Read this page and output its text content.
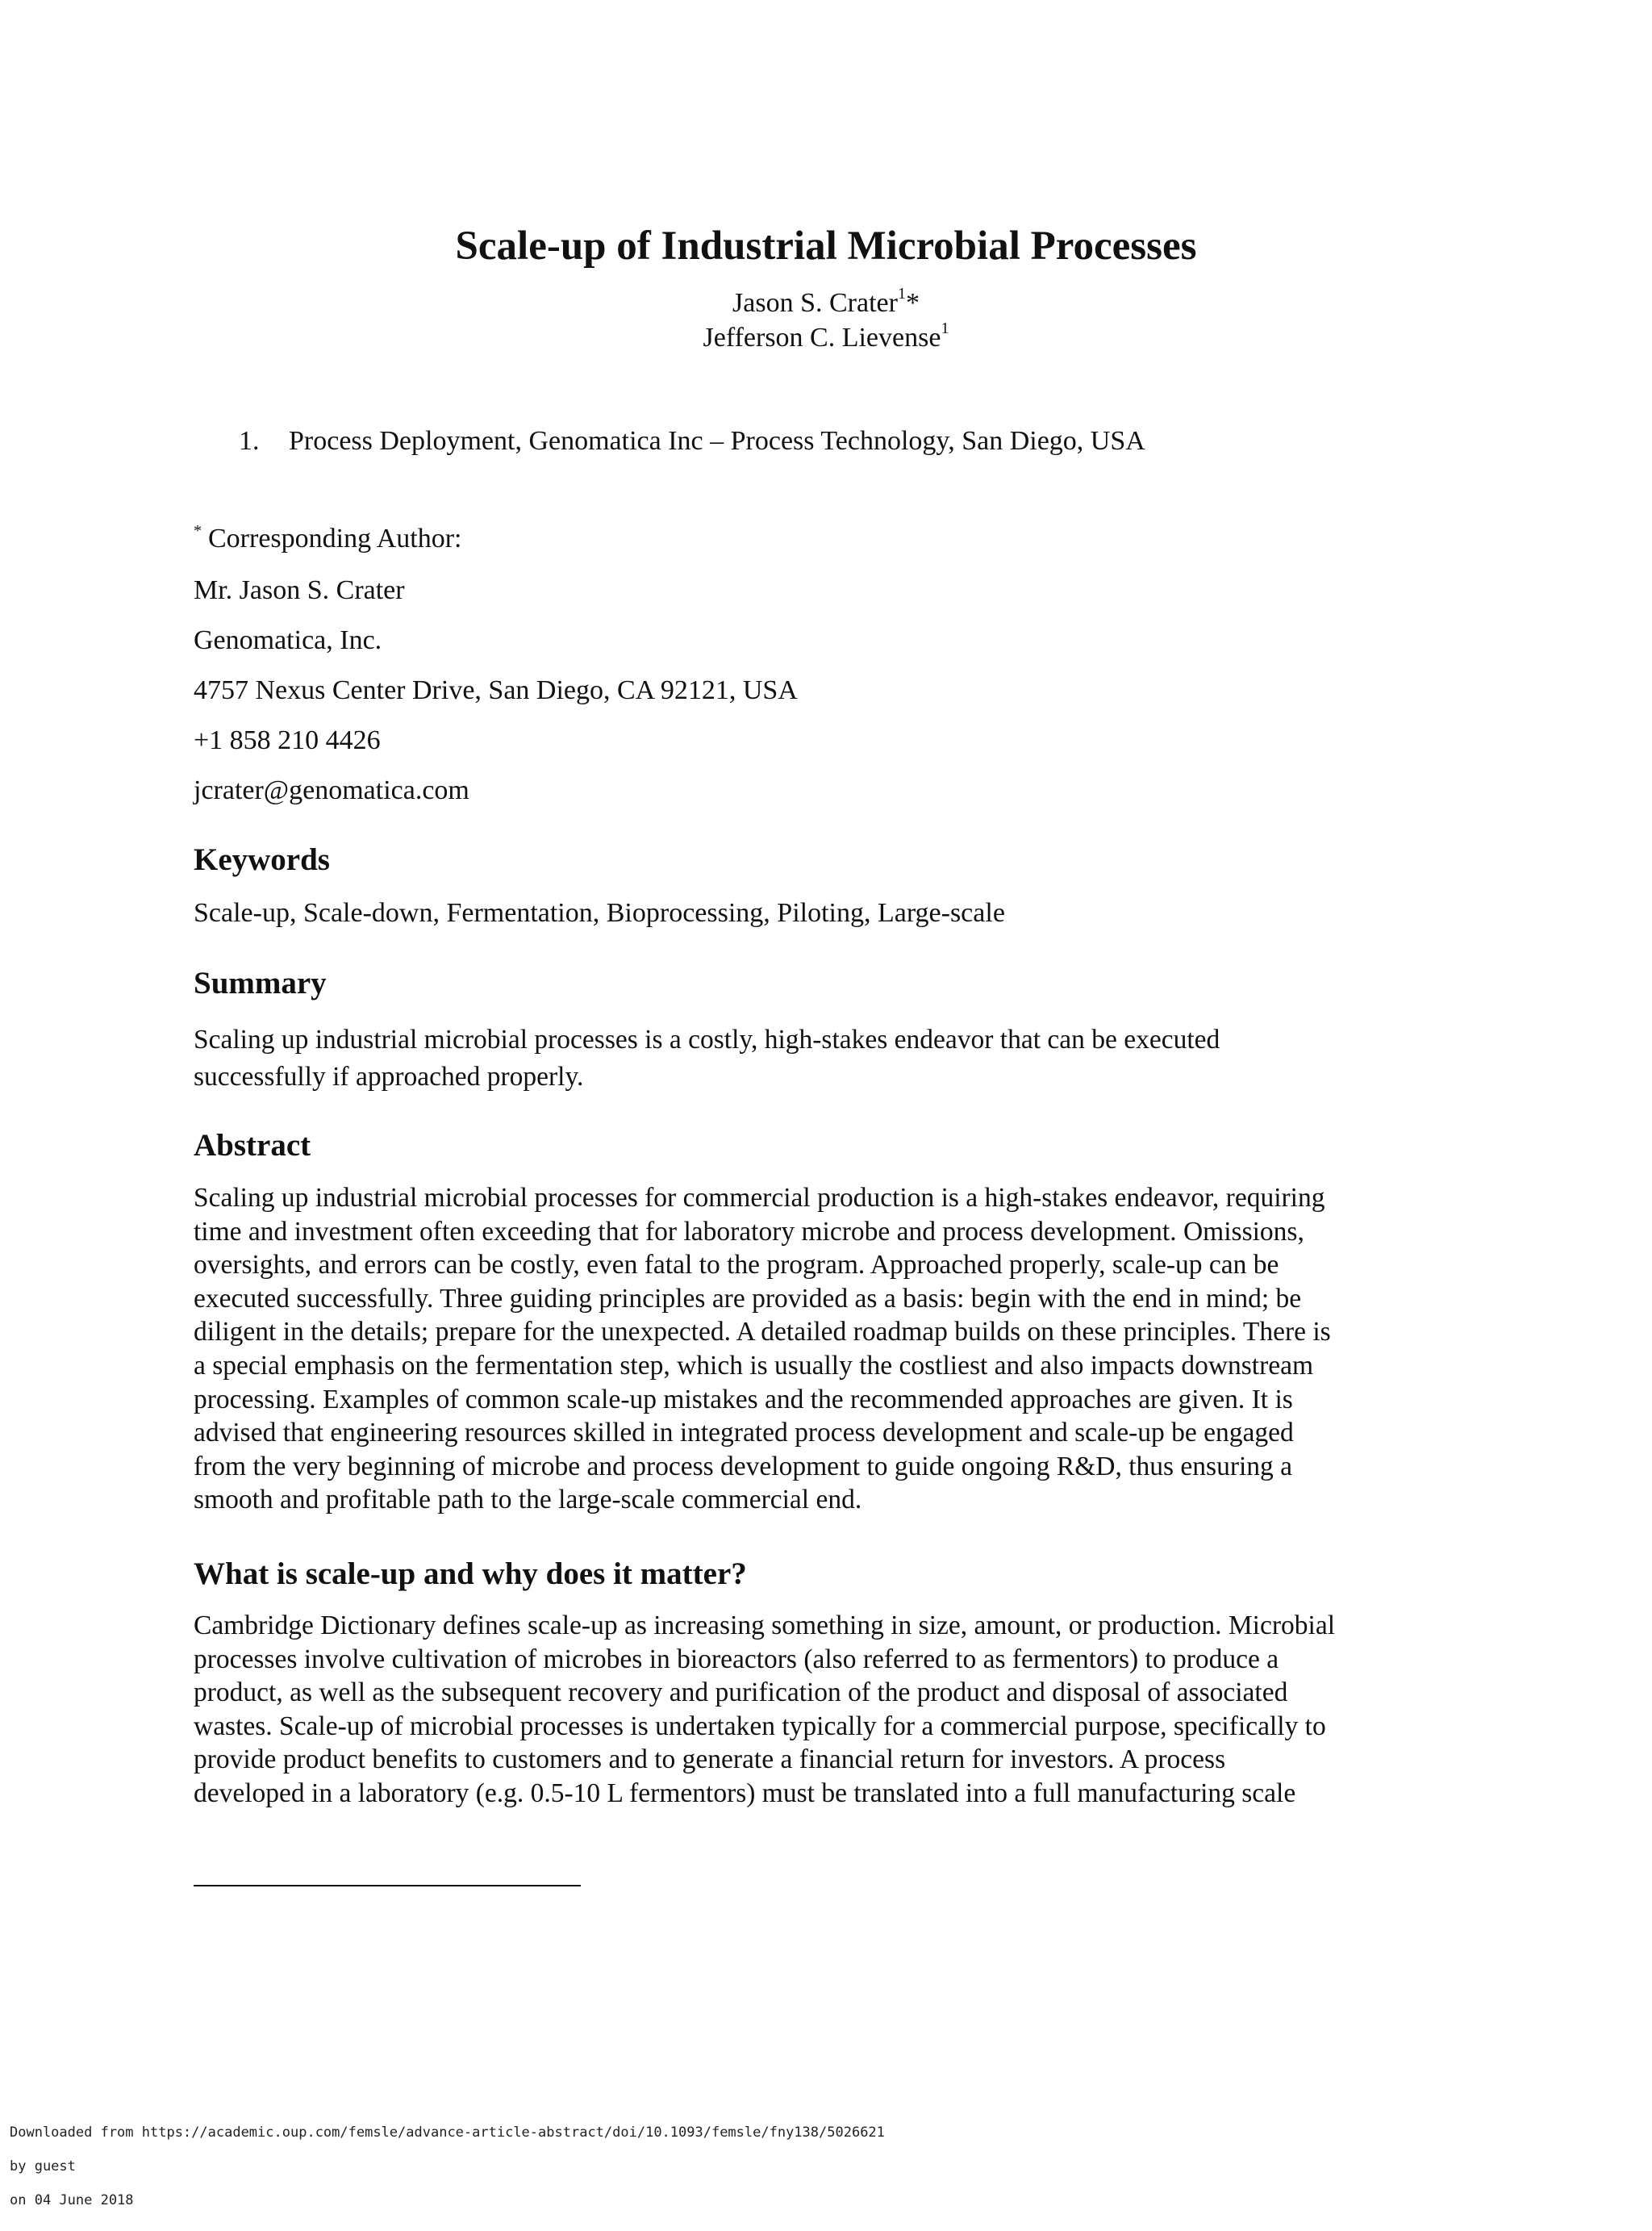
Scale-up of Industrial Microbial Processes
Jason S. Crater$^1$*
Jefferson C. Lievense$^1$
1. Process Deployment, Genomatica Inc – Process Technology, San Diego, USA
* Corresponding Author:
Mr. Jason S. Crater
Genomatica, Inc.
4757 Nexus Center Drive, San Diego, CA 92121, USA
+1 858 210 4426
jcrater@genomatica.com
Keywords
Scale-up, Scale-down, Fermentation, Bioprocessing, Piloting, Large-scale
Summary
Scaling up industrial microbial processes is a costly, high-stakes endeavor that can be executed
successfully if approached properly.
Abstract
Scaling up industrial microbial processes for commercial production is a high-stakes endeavor, requiring
time and investment often exceeding that for laboratory microbe and process development. Omissions,
oversights, and errors can be costly, even fatal to the program. Approached properly, scale-up can be
executed successfully. Three guiding principles are provided as a basis: begin with the end in mind; be
diligent in the details; prepare for the unexpected. A detailed roadmap builds on these principles. There is
a special emphasis on the fermentation step, which is usually the costliest and also impacts downstream
processing. Examples of common scale-up mistakes and the recommended approaches are given. It is
advised that engineering resources skilled in integrated process development and scale-up be engaged
from the very beginning of microbe and process development to guide ongoing R&D, thus ensuring a
smooth and profitable path to the large-scale commercial end.
What is scale-up and why does it matter?
Cambridge Dictionary defines scale-up as increasing something in size, amount, or production. Microbial
processes involve cultivation of microbes in bioreactors (also referred to as fermentors) to produce a
product, as well as the subsequent recovery and purification of the product and disposal of associated
wastes. Scale-up of microbial processes is undertaken typically for a commercial purpose, specifically to
provide product benefits to customers and to generate a financial return for investors. A process
developed in a laboratory (e.g. 0.5-10 L fermentors) must be translated into a full manufacturing scale

Downloaded from https://academic.oup.com/femsle/advance-article-abstract/doi/10.1093/femsle/fny138/5026621

by guest

on 04 June 2018
